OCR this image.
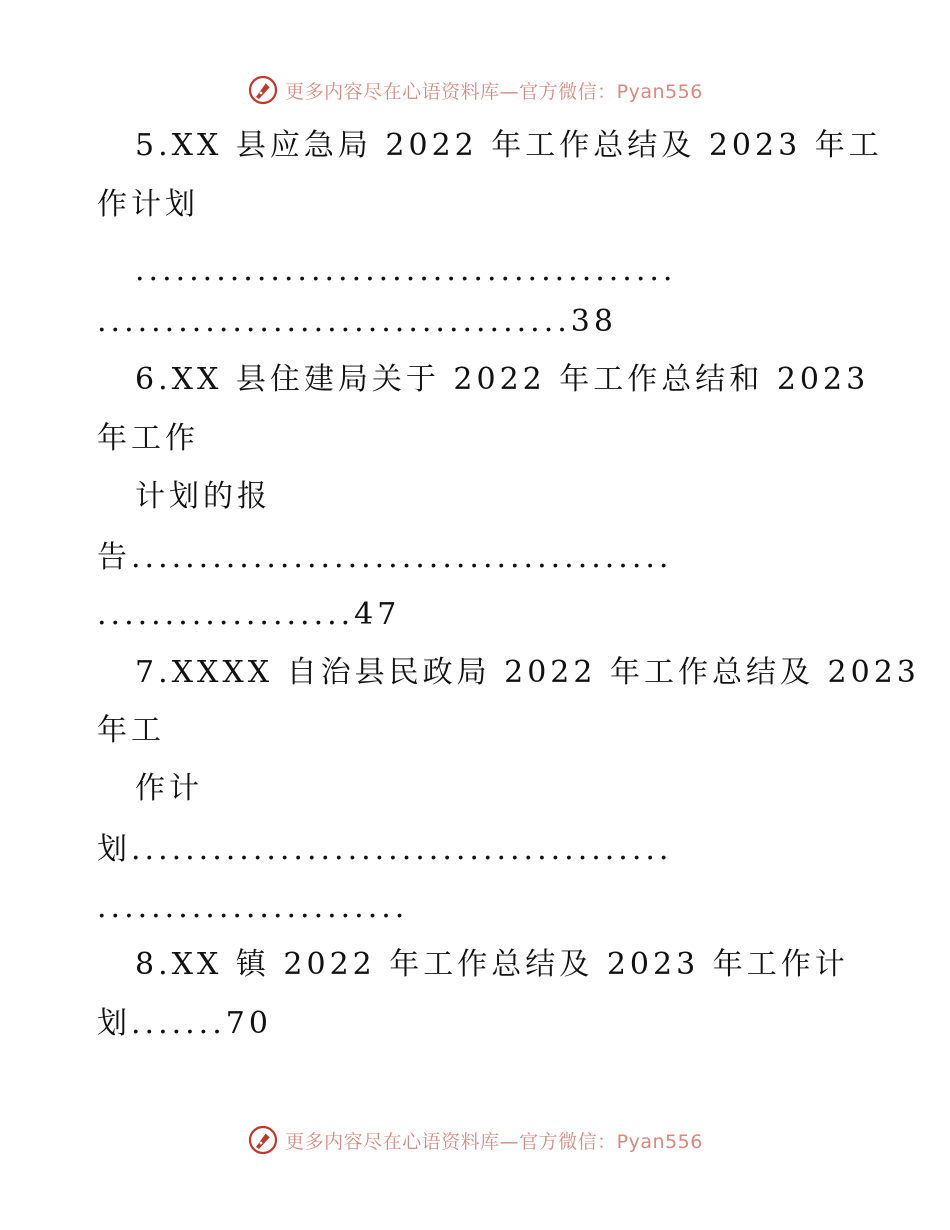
更多内容尽在心语资料库—官方微信：Pyan556
5.XX 县应急局 2022 年工作总结及 2023 年工
作计划
........................................
...................................38
6.XX 县住建局关于 2022 年工作总结和 2023
年工作
计划的报
告........................................
...................47
7.XXXX 自治县民政局 2022 年工作总结及 2023
年工
作计
划........................................
.......................
8.XX 镇 2022 年工作总结及 2023 年工作计
划.......70
更多内容尽在心语资料库—官方微信：Pyan556
